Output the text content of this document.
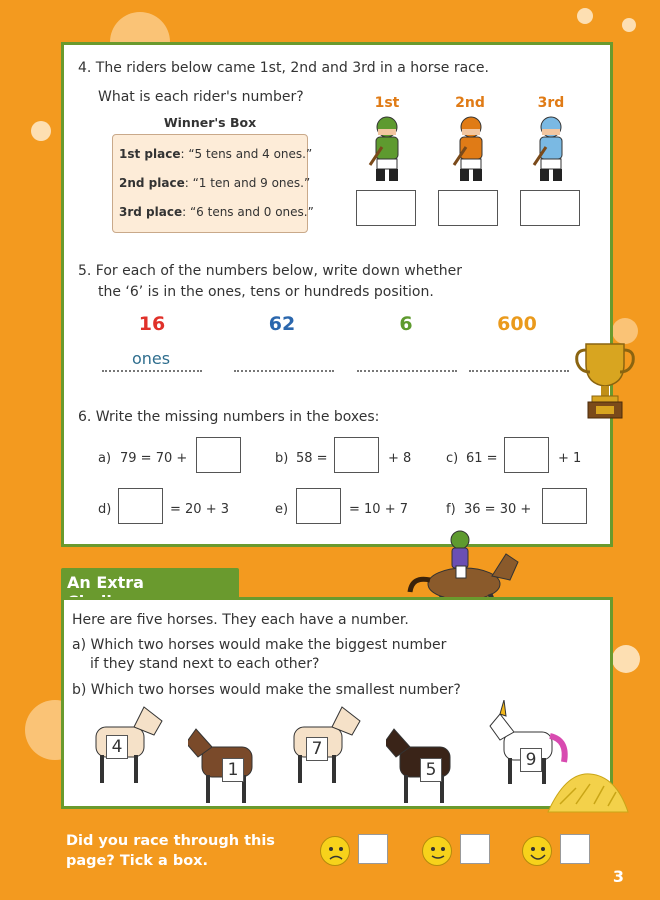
4. The riders below came 1st, 2nd and 3rd in a horse race.
What is each rider's number?	1st	2nd	3rd
Winner's Box
1st place: “5 tens and 4 ones.”
2nd place: “1 ten and 9 ones.”
3rd place: “6 tens and 0 ones.”
5. For each of the numbers below, write down whether
the ‘6’ is in the ones, tens or hundreds position.
16	62	6	600
ones
6. Write the missing numbers in the boxes:
a) 79 = 70 +	b) 58 =	+ 8	c) 61 =	+ 1
d)	= 20 + 3	e)	= 10 + 7	f) 36 = 30 +
An Extra
Here are five horses. They each have a number.
a) Which two horses would make the biggest number
if they stand next to each other?
b) Which two horses would make the smallest number?
4
1
7
5	9
Did you race through this
page? Tick a box.
3
